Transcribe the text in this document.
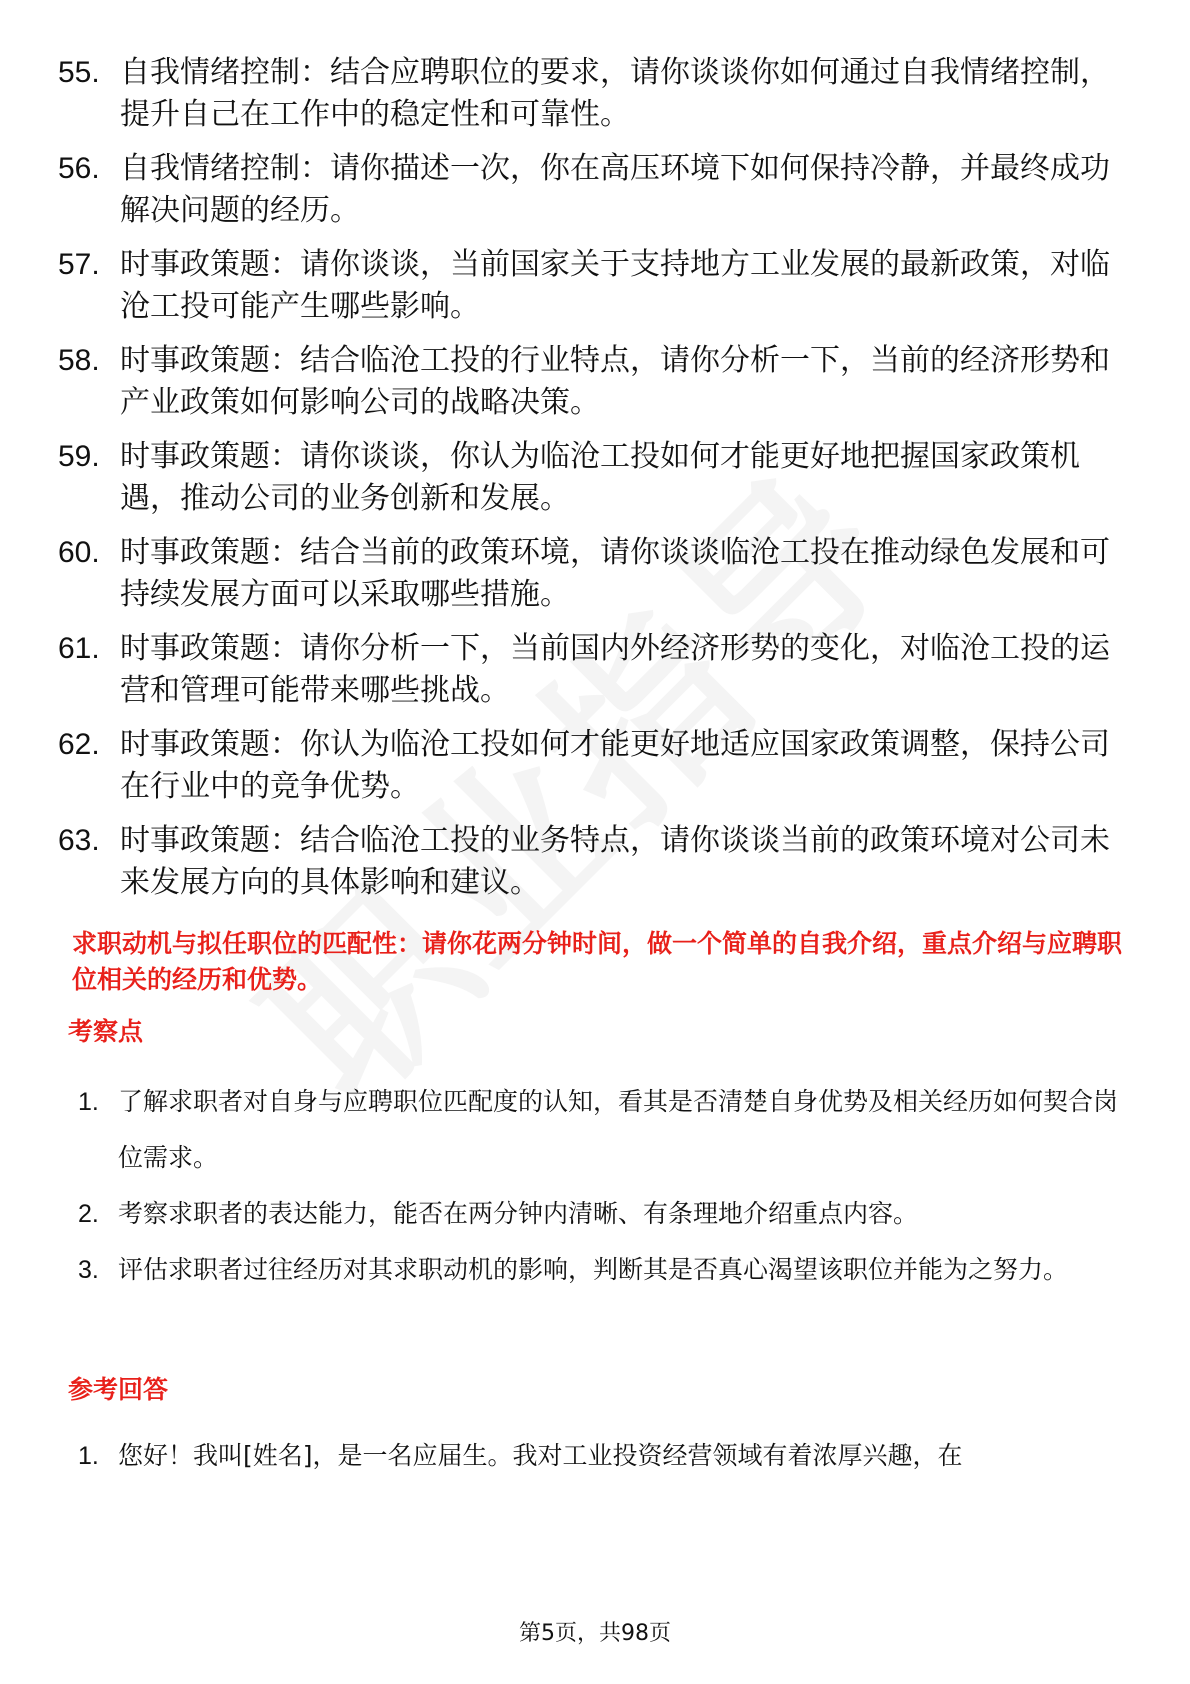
55. 自我情绪控制：结合应聘职位的要求，请你谈谈你如何通过自我情绪控制，提升自己在工作中的稳定性和可靠性。
56. 自我情绪控制：请你描述一次，你在高压环境下如何保持冷静，并最终成功解决问题的经历。
57. 时事政策题：请你谈谈，当前国家关于支持地方工业发展的最新政策，对临沧工投可能产生哪些影响。
58. 时事政策题：结合临沧工投的行业特点，请你分析一下，当前的经济形势和产业政策如何影响公司的战略决策。
59. 时事政策题：请你谈谈，你认为临沧工投如何才能更好地把握国家政策机遇，推动公司的业务创新和发展。
60. 时事政策题：结合当前的政策环境，请你谈谈临沧工投在推动绿色发展和可持续发展方面可以采取哪些措施。
61. 时事政策题：请你分析一下，当前国内外经济形势的变化，对临沧工投的运营和管理可能带来哪些挑战。
62. 时事政策题：你认为临沧工投如何才能更好地适应国家政策调整，保持公司在行业中的竞争优势。
63. 时事政策题：结合临沧工投的业务特点，请你谈谈当前的政策环境对公司未来发展方向的具体影响和建议。
求职动机与拟任职位的匹配性：请你花两分钟时间，做一个简单的自我介绍，重点介绍与应聘职位相关的经历和优势。
考察点
1. 了解求职者对自身与应聘职位匹配度的认知，看其是否清楚自身优势及相关经历如何契合岗位需求。
2. 考察求职者的表达能力，能否在两分钟内清晰、有条理地介绍重点内容。
3. 评估求职者过往经历对其求职动机的影响，判断其是否真心渴望该职位并能为之努力。
参考回答
1. 您好！我叫[姓名]，是一名应届生。我对工业投资经营领域有着浓厚兴趣，在
第5页，共98页
